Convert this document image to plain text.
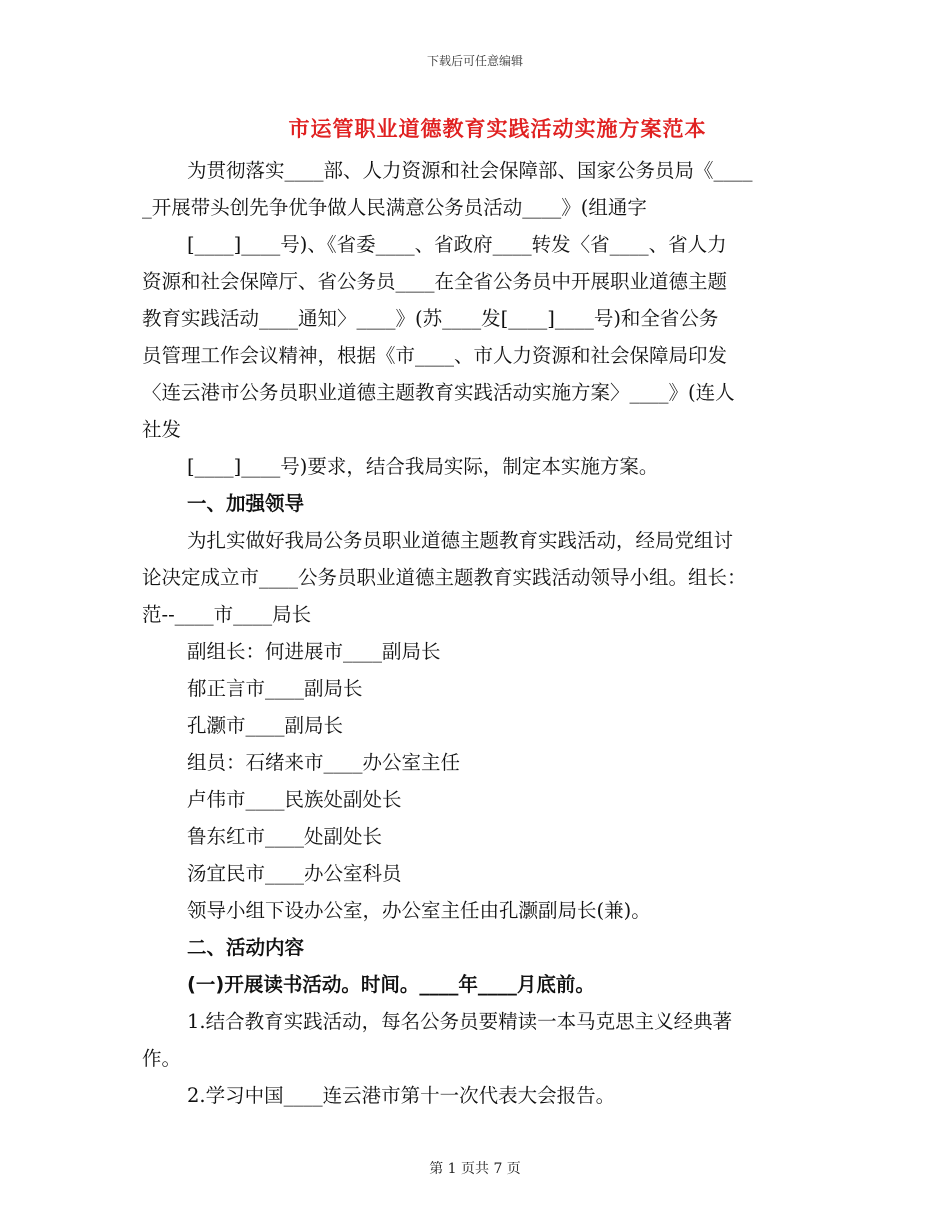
下载后可任意编辑
市运管职业道德教育实践活动实施方案范本
为贯彻落实____部、人力资源和社会保障部、国家公务员局《____
_开展带头创先争优争做人民满意公务员活动____》(组通字
[____]____号)、《省委____、省政府____转发〈省____、省人力
资源和社会保障厅、省公务员____在全省公务员中开展职业道德主题
教育实践活动____通知〉____》(苏____发[____]____号)和全省公务
员管理工作会议精神，根据《市____、市人力资源和社会保障局印发
〈连云港市公务员职业道德主题教育实践活动实施方案〉____》(连人
社发
[____]____号)要求，结合我局实际，制定本实施方案。
一、加强领导
为扎实做好我局公务员职业道德主题教育实践活动，经局党组讨
论决定成立市____公务员职业道德主题教育实践活动领导小组。组长：
范--____市____局长
副组长：何进展市____副局长
郁正言市____副局长
孔灏市____副局长
组员：石绪来市____办公室主任
卢伟市____民族处副处长
鲁东红市____处副处长
汤宜民市____办公室科员
领导小组下设办公室，办公室主任由孔灏副局长(兼)。
二、活动内容
(一)开展读书活动。时间。____年____月底前。
1.结合教育实践活动，每名公务员要精读一本马克思主义经典著
作。
2.学习中国____连云港市第十一次代表大会报告。
第 1 页共 7 页
